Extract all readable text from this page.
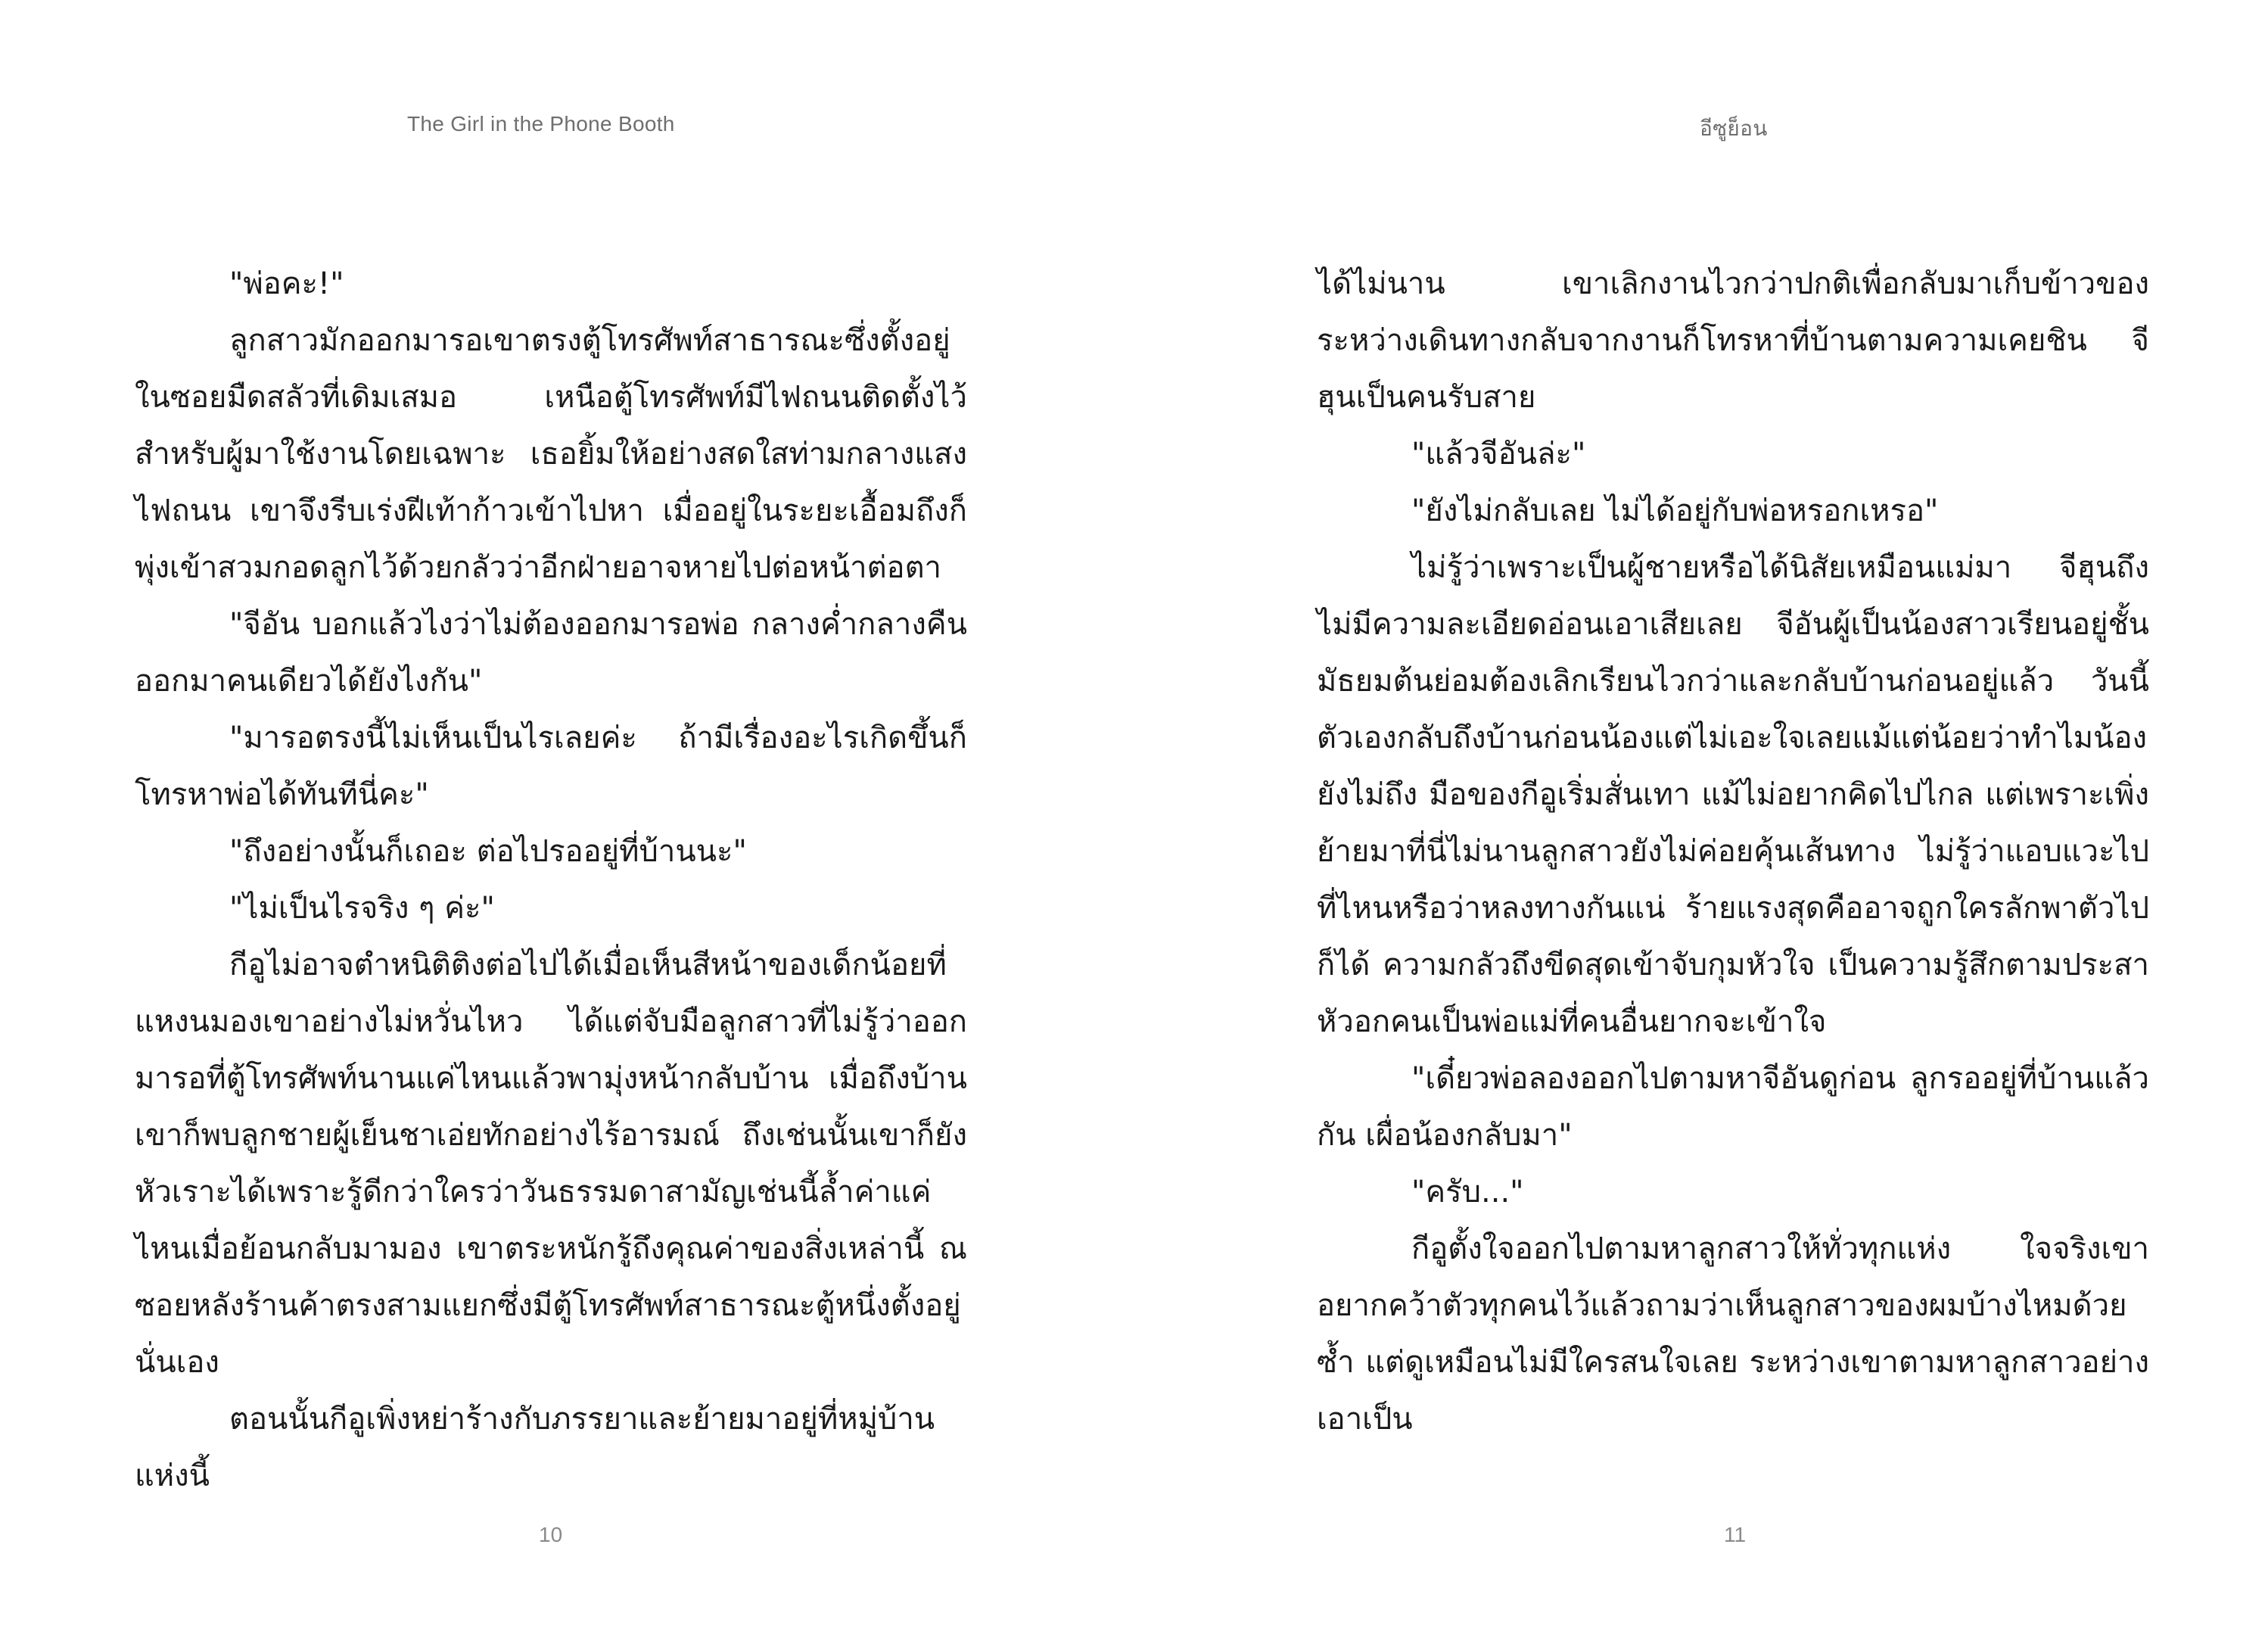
The Girl in the Phone Booth

"พ่อคะ!"

ลูกสาวมักออกมารอเขาตรงตู้โทรศัพท์สาธารณะซึ่งตั้งอยู่ในซอยมืดสลัวที่เดิมเสมอ เหนือตู้โทรศัพท์มีไฟถนนติดตั้งไว้สำหรับผู้มาใช้งานโดยเฉพาะ เธอยิ้มให้อย่างสดใสท่ามกลางแสงไฟถนน เขาจึงรีบเร่งฝีเท้าก้าวเข้าไปหา เมื่ออยู่ในระยะเอื้อมถึงก็พุ่งเข้าสวมกอดลูกไว้ด้วยกลัวว่าอีกฝ่ายอาจหายไปต่อหน้าต่อตา

"จีอัน บอกแล้วไงว่าไม่ต้องออกมารอพ่อ กลางค่ำกลางคืนออกมาคนเดียวได้ยังไงกัน"

"มารอตรงนี้ไม่เห็นเป็นไรเลยค่ะ ถ้ามีเรื่องอะไรเกิดขึ้นก็โทรหาพ่อได้ทันทีนี่คะ"

"ถึงอย่างนั้นก็เถอะ ต่อไปรออยู่ที่บ้านนะ"

"ไม่เป็นไรจริง ๆ ค่ะ"

กีอูไม่อาจตำหนิติติงต่อไปได้เมื่อเห็นสีหน้าของเด็กน้อยที่แหงนมองเขาอย่างไม่หวั่นไหว ได้แต่จับมือลูกสาวที่ไม่รู้ว่าออกมารอที่ตู้โทรศัพท์นานแค่ไหนแล้วพามุ่งหน้ากลับบ้าน เมื่อถึงบ้านเขาก็พบลูกชายผู้เย็นชาเอ่ยทักอย่างไร้อารมณ์ ถึงเช่นนั้นเขาก็ยังหัวเราะได้เพราะรู้ดีกว่าใครว่าวันธรรมดาสามัญเช่นนี้ล้ำค่าแค่ไหนเมื่อย้อนกลับมามอง เขาตระหนักรู้ถึงคุณค่าของสิ่งเหล่านี้ ณ ซอยหลังร้านค้าตรงสามแยกซึ่งมีตู้โทรศัพท์สาธารณะตู้หนึ่งตั้งอยู่นั่นเอง

ตอนนั้นกีอูเพิ่งหย่าร้างกับภรรยาและย้ายมาอยู่ที่หมู่บ้านแห่งนี้

10
อีซูย็อน

ได้ไม่นาน เขาเลิกงานไวกว่าปกติเพื่อกลับมาเก็บข้าวของ ระหว่างเดินทางกลับจากงานก็โทรหาที่บ้านตามความเคยชิน จีฮุนเป็นคนรับสาย

"แล้วจีอันล่ะ"

"ยังไม่กลับเลย ไม่ได้อยู่กับพ่อหรอกเหรอ"

ไม่รู้ว่าเพราะเป็นผู้ชายหรือได้นิสัยเหมือนแม่มา จีฮุนถึงไม่มีความละเอียดอ่อนเอาเสียเลย จีอันผู้เป็นน้องสาวเรียนอยู่ชั้นมัธยมต้นย่อมต้องเลิกเรียนไวกว่าและกลับบ้านก่อนอยู่แล้ว วันนี้ตัวเองกลับถึงบ้านก่อนน้องแต่ไม่เอะใจเลยแม้แต่น้อยว่าทำไมน้องยังไม่ถึง มือของกีอูเริ่มสั่นเทา แม้ไม่อยากคิดไปไกล แต่เพราะเพิ่งย้ายมาที่นี่ไม่นานลูกสาวยังไม่ค่อยคุ้นเส้นทาง ไม่รู้ว่าแอบแวะไปที่ไหนหรือว่าหลงทางกันแน่ ร้ายแรงสุดคืออาจถูกใครลักพาตัวไปก็ได้ ความกลัวถึงขีดสุดเข้าจับกุมหัวใจ เป็นความรู้สึกตามประสาหัวอกคนเป็นพ่อแม่ที่คนอื่นยากจะเข้าใจ

"เดี๋ยวพ่อลองออกไปตามหาจีอันดูก่อน ลูกรออยู่ที่บ้านแล้วกัน เผื่อน้องกลับมา"

"ครับ..."

กีอูตั้งใจออกไปตามหาลูกสาวให้ทั่วทุกแห่ง ใจจริงเขาอยากคว้าตัวทุกคนไว้แล้วถามว่าเห็นลูกสาวของผมบ้างไหมด้วยซ้ำ แต่ดูเหมือนไม่มีใครสนใจเลย ระหว่างเขาตามหาลูกสาวอย่างเอาเป็น

11
